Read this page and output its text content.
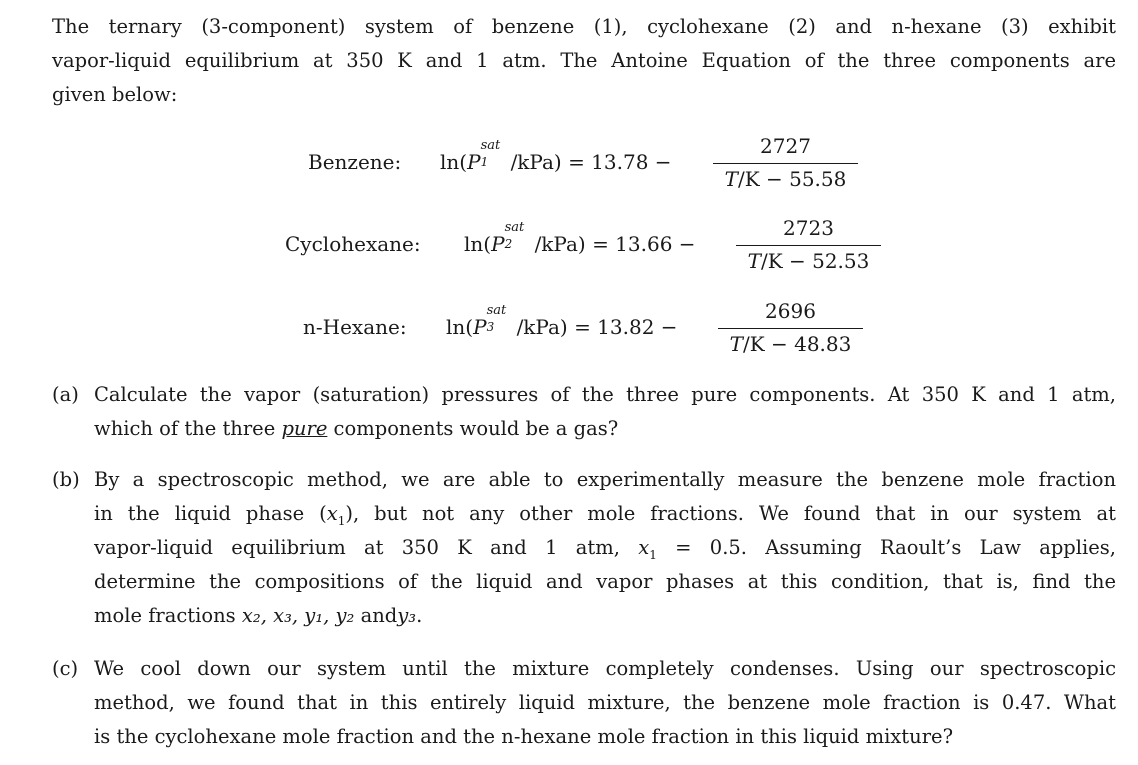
The ternary (3-component) system of benzene (1), cyclohexane (2) and n-hexane (3) exhibit
vapor-liquid equilibrium at 350 K and 1 atm. The Antoine Equation of the three components are
given below:
Benzene: ln(P
sat
1 /kPa) = 13.78 −
2727
T/K − 55.58
Cyclohexane: ln(P
sat
2 /kPa) = 13.66 −
2723
T/K − 52.53
n-Hexane: ln(P
sat
3 /kPa) = 13.82 −
2696
T/K − 48.83
(a) Calculate the vapor (saturation) pressures of the three pure components. At 350 K and 1 atm,
which of the three pure components would be a gas?
(b) By a spectroscopic method, we are able to experimentally measure the benzene mole fraction
in the liquid phase $(x_1)$, but not any other mole fractions. We found that in our system at
vapor-liquid equilibrium at 350 K and 1 atm, $x_1 = 0.5$. Assuming Raoult’s Law applies,
determine the compositions of the liquid and vapor phases at this condition, that is, find the
mole fractions x₂, x₃, y₁, y₂ andy₃.
(c) We cool down our system until the mixture completely condenses. Using our spectroscopic
method, we found that in this entirely liquid mixture, the benzene mole fraction is 0.47. What
is the cyclohexane mole fraction and the n-hexane mole fraction in this liquid mixture?
